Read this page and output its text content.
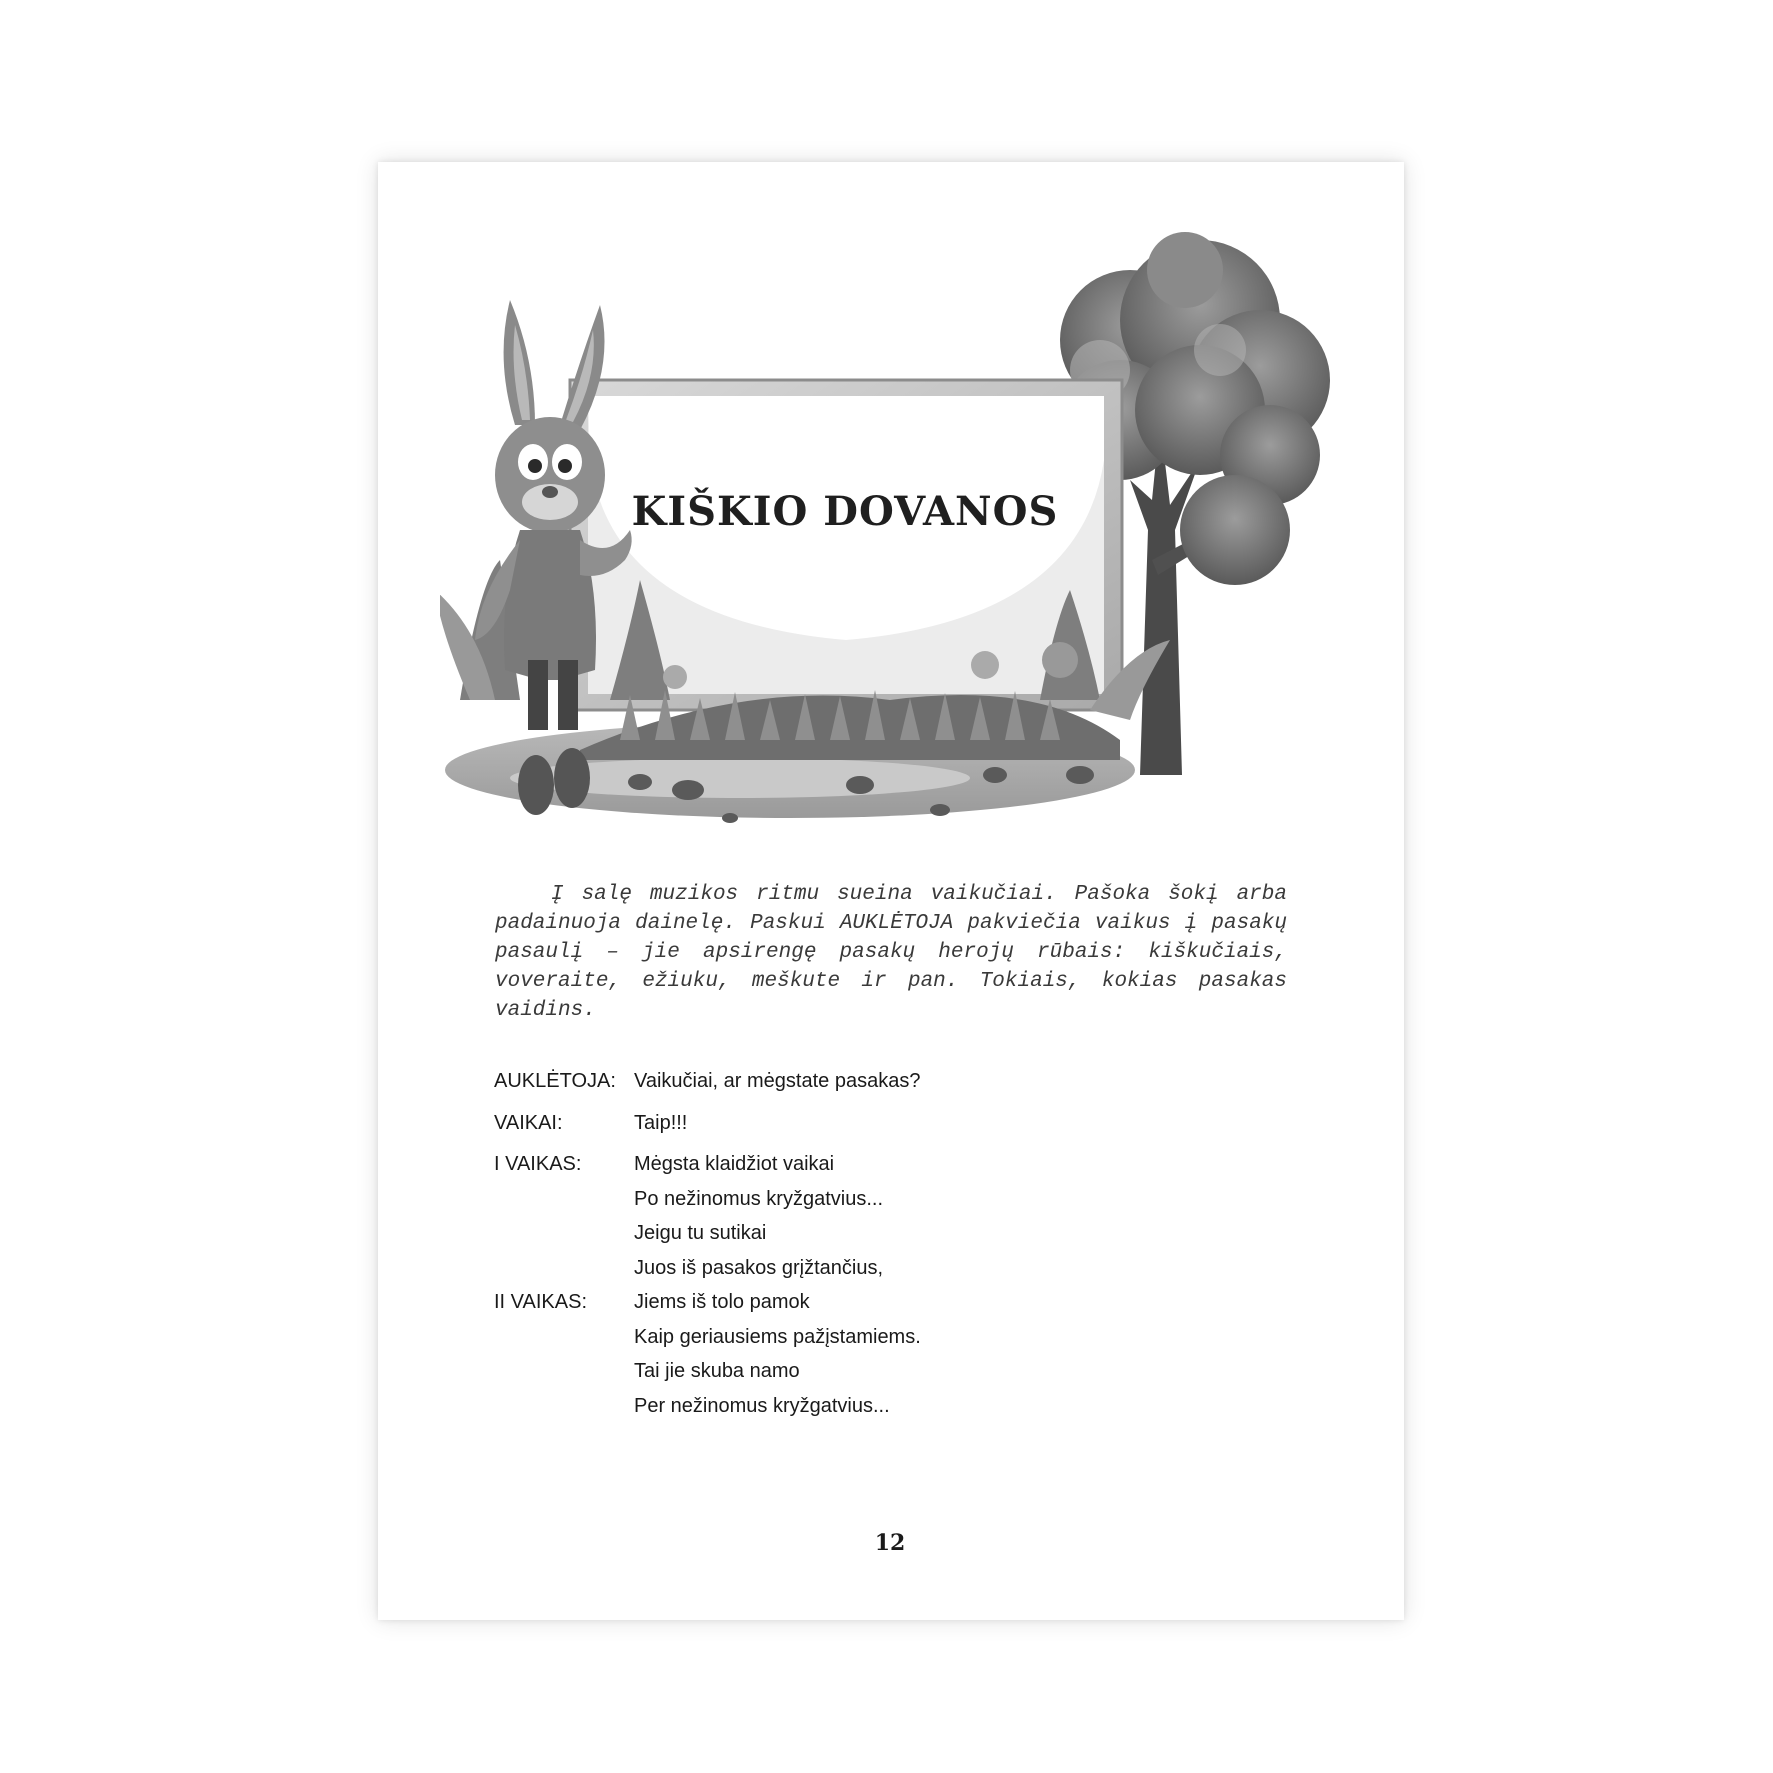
KIŠKIO DOVANOS

Į salę muzikos ritmu sueina vaikučiai. Pašoka šokį arba padainuoja dainelę. Paskui AUKLĖTOJA pakviečia vaikus į pasakų pasaulį – jie apsirengę pasakų herojų rūbais: kiškučiais, voveraite, ežiuku, meškute ir pan. Tokiais, kokias pasakas vaidins.

AUKLĖTOJA: Vaikučiai, ar mėgstate pasakas?
VAIKAI:	Taip!!!
I VAIKAS:	Mėgsta klaidžiot vaikai
Po nežinomus kryžgatvius...
Jeigu tu sutikai
Juos iš pasakos grįžtančius,
II VAIKAS:	Jiems iš tolo pamok
Kaip geriausiems pažįstamiems.
Tai jie skuba namo
Per nežinomus kryžgatvius...
12
